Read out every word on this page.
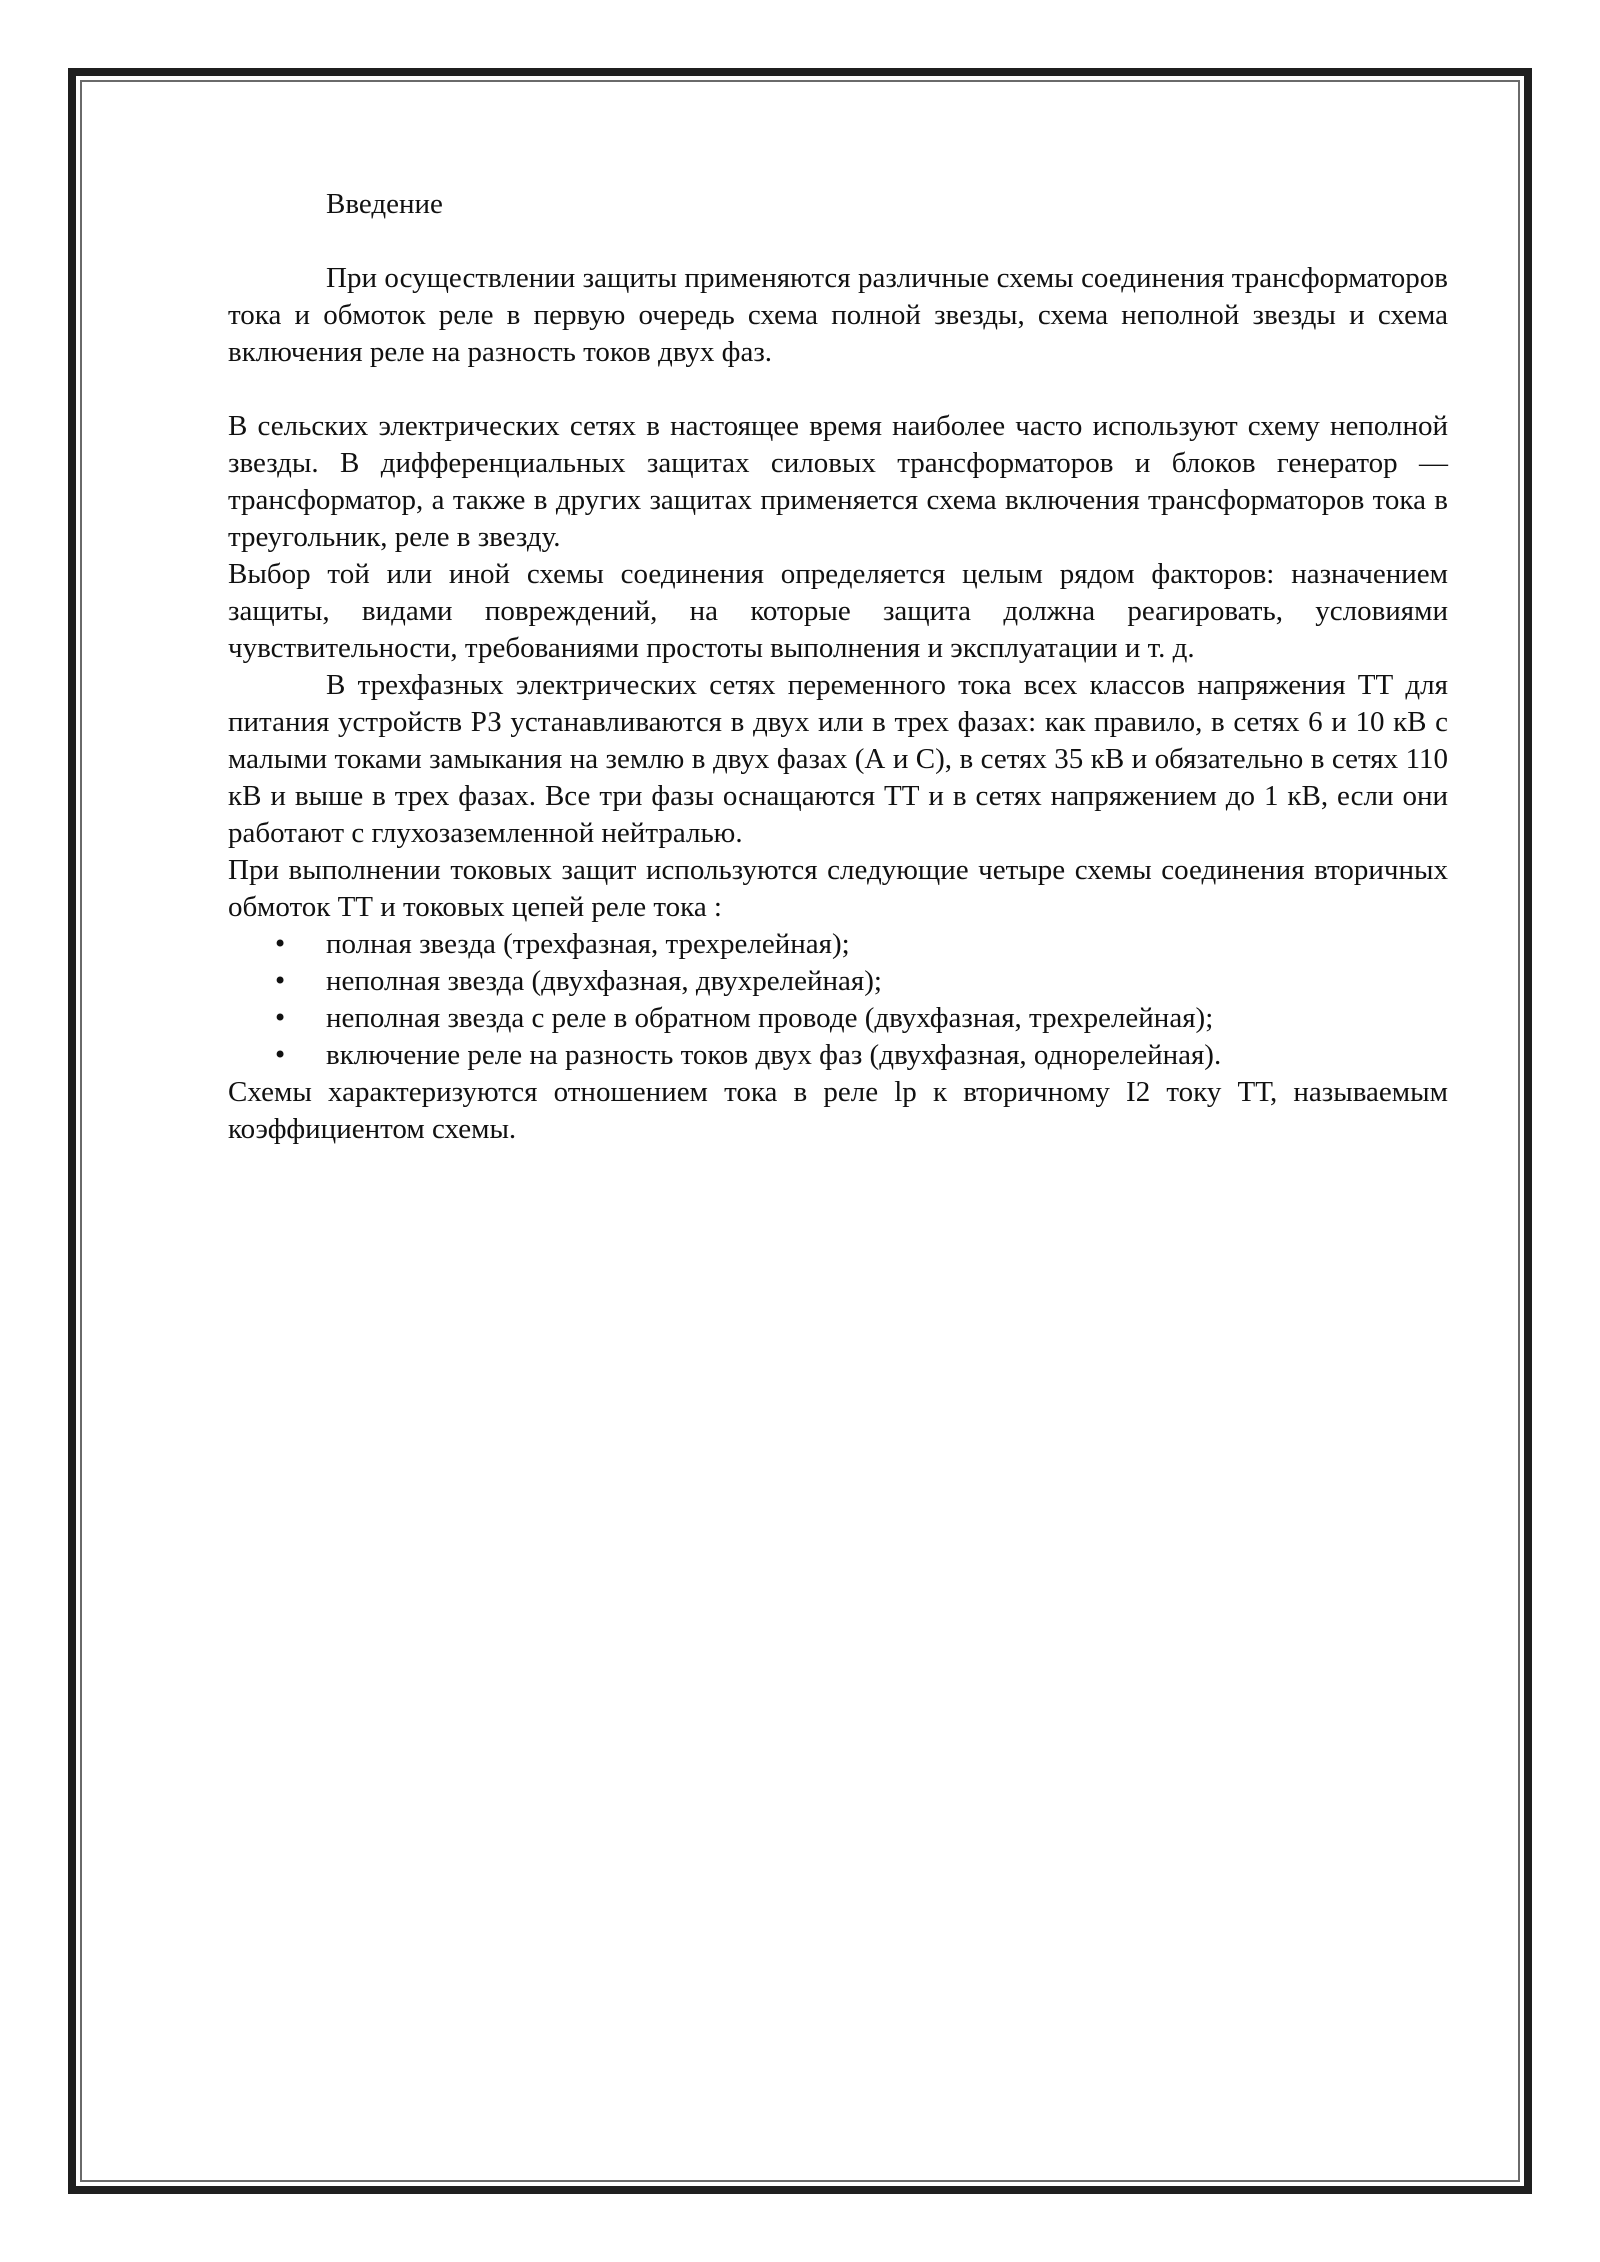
Введение

При осуществлении защиты применяются различные схемы соединения трансформаторов тока и обмоток реле в первую очередь схема полной звезды, схема неполной звезды и схема включения реле на разность токов двух фаз.

В сельских электрических сетях в настоящее время наиболее часто используют схему неполной звезды. В дифференциальных защитах силовых трансформаторов и блоков генератор — трансформатор, а также в других защитах применяется схема включения трансформаторов тока в треугольник, реле в звезду.

Выбор той или иной схемы соединения определяется целым рядом факторов: назначением защиты, видами повреждений, на которые защита должна реагировать, условиями чувствительности, требованиями простоты выполнения и эксплуатации и т. д.

В трехфазных электрических сетях переменного тока всех классов напряжения ТТ для питания устройств РЗ устанавливаются в двух или в трех фазах: как правило, в сетях 6 и 10 кВ с малыми токами замыкания на землю в двух фазах (А и С), в сетях 35 кВ и обязательно в сетях 110 кВ и выше в трех фазах. Все три фазы оснащаются ТТ и в сетях напряжением до 1 кВ, если они работают с глухозаземленной нейтралью.

При выполнении токовых защит используются следующие четыре схемы соединения вторичных обмоток ТТ и токовых цепей реле тока :

• полная звезда (трехфазная, трехрелейная);
• неполная звезда (двухфазная, двухрелейная);
• неполная звезда с реле в обратном проводе (двухфазная, трехрелейная);
• включение реле на разность токов двух фаз (двухфазная, однорелейная).

Схемы характеризуются отношением тока в реле lр к вторичному I2 току ТТ, называемым коэффициентом схемы.
